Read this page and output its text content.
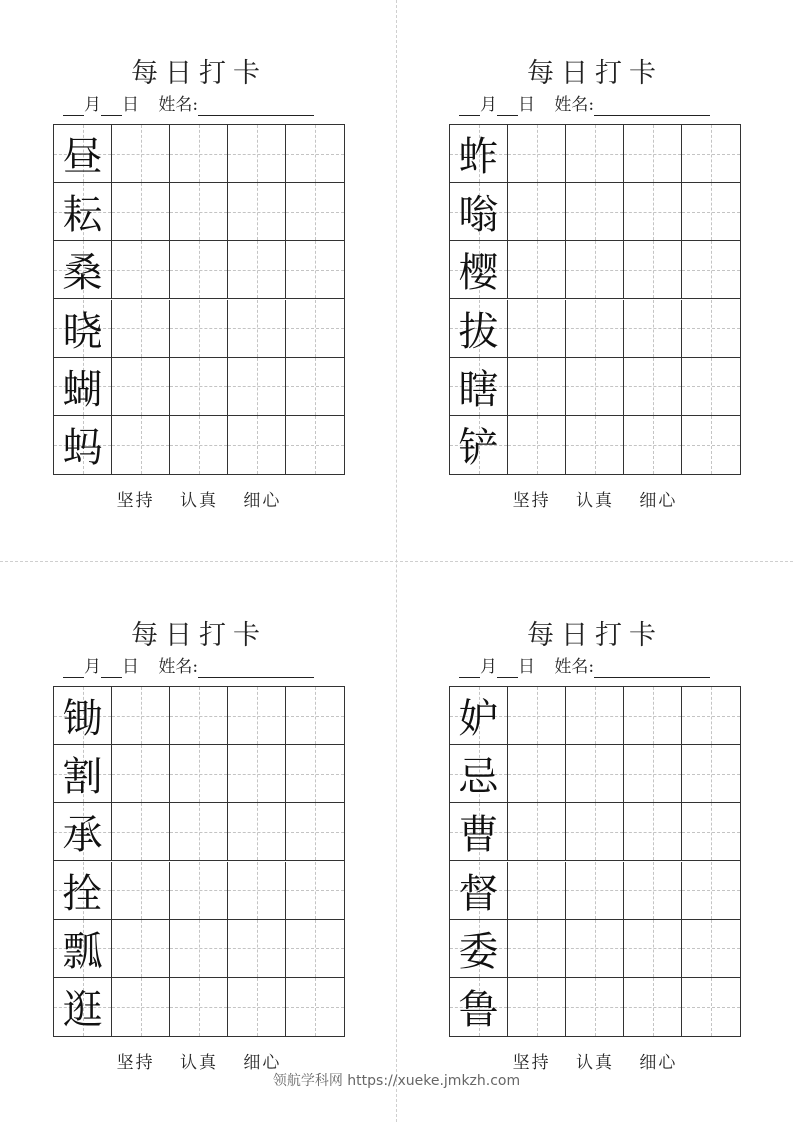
每日打卡
月 日 姓名:
昼
耘
桑
晓
蝴
蚂
坚持 认真 细心
每日打卡
月 日 姓名:
蚱
嗡
樱
拔
瞎
铲
坚持 认真 细心
每日打卡
月 日 姓名:
锄
割
承
拴
瓢
逛
坚持 认真 细心
每日打卡
月 日 姓名:
妒
忌
曹
督
委
鲁
坚持 认真 细心
领航学科网 https://xueke.jmkzh.com
